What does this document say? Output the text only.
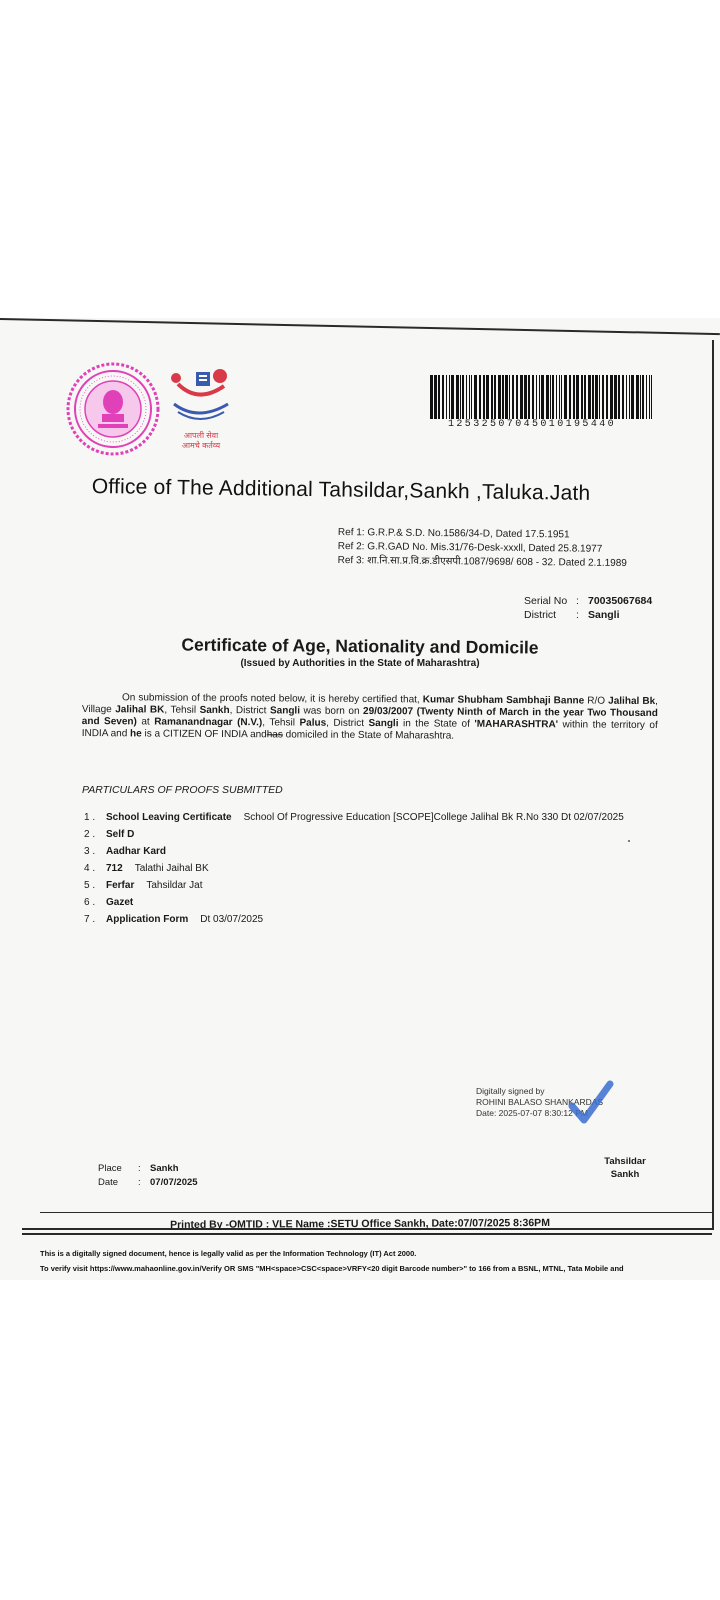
आपली सेवा
आमचे कर्तव्य
12532507045010195440
Office of The Additional Tahsildar,Sankh ,Taluka.Jath
Ref 1: G.R.P.& S.D. No.1586/34-D, Dated 17.5.1951
Ref 2: G.R.GAD No. Mis.31/76-Desk-xxxll, Dated 25.8.1977
Ref 3: शा.नि.सा.प्र.वि.क्र.डीएसपी.1087/9698/ 608 - 32. Dated 2.1.1989
Serial No : 70035067684
District	: Sangli
Certificate of Age, Nationality and Domicile
(Issued by Authorities in the State of Maharashtra)
On submission of the proofs noted below, it is hereby certified that, Kumar Shubham Sambhaji Banne R/O Jalihal Bk, Village Jalihal BK, Tehsil Sankh, District Sangli was born on 29/03/2007 (Twenty Ninth of March in the year Two Thousand and Seven) at Ramanandnagar (N.V.), Tehsil Palus, District Sangli in the State of 'MAHARASHTRA' within the territory of INDIA and he is a CITIZEN OF INDIA andhas domiciled in the State of Maharashtra.
PARTICULARS OF PROOFS SUBMITTED
1 .	School Leaving Certificate School Of Progressive Education [SCOPE]College Jalihal Bk R.No 330 Dt 02/07/2025
2 .	Self D
3 .	Aadhar Kard
4 .	712 Talathi Jaihal BK
5 .	Ferfar Tahsildar Jat
6 .	Gazet
7 .	Application Form Dt 03/07/2025
Digitally signed by
ROHINI BALASO SHANKARDAS
Date: 2025-07-07 8:30:12 PM
Tahsildar
Sankh
Place	: Sankh
Date	: 07/07/2025
Printed By -OMTID : VLE Name :SETU Office Sankh, Date:07/07/2025 8:36PM
This is a digitally signed document, hence is legally valid as per the Information Technology (IT) Act 2000.
To verify visit https://www.mahaonline.gov.in/Verify OR SMS "MH<space>CSC<space>VRFY<20 digit Barcode number>" to 166 from a BSNL, MTNL, Tata Mobile and
